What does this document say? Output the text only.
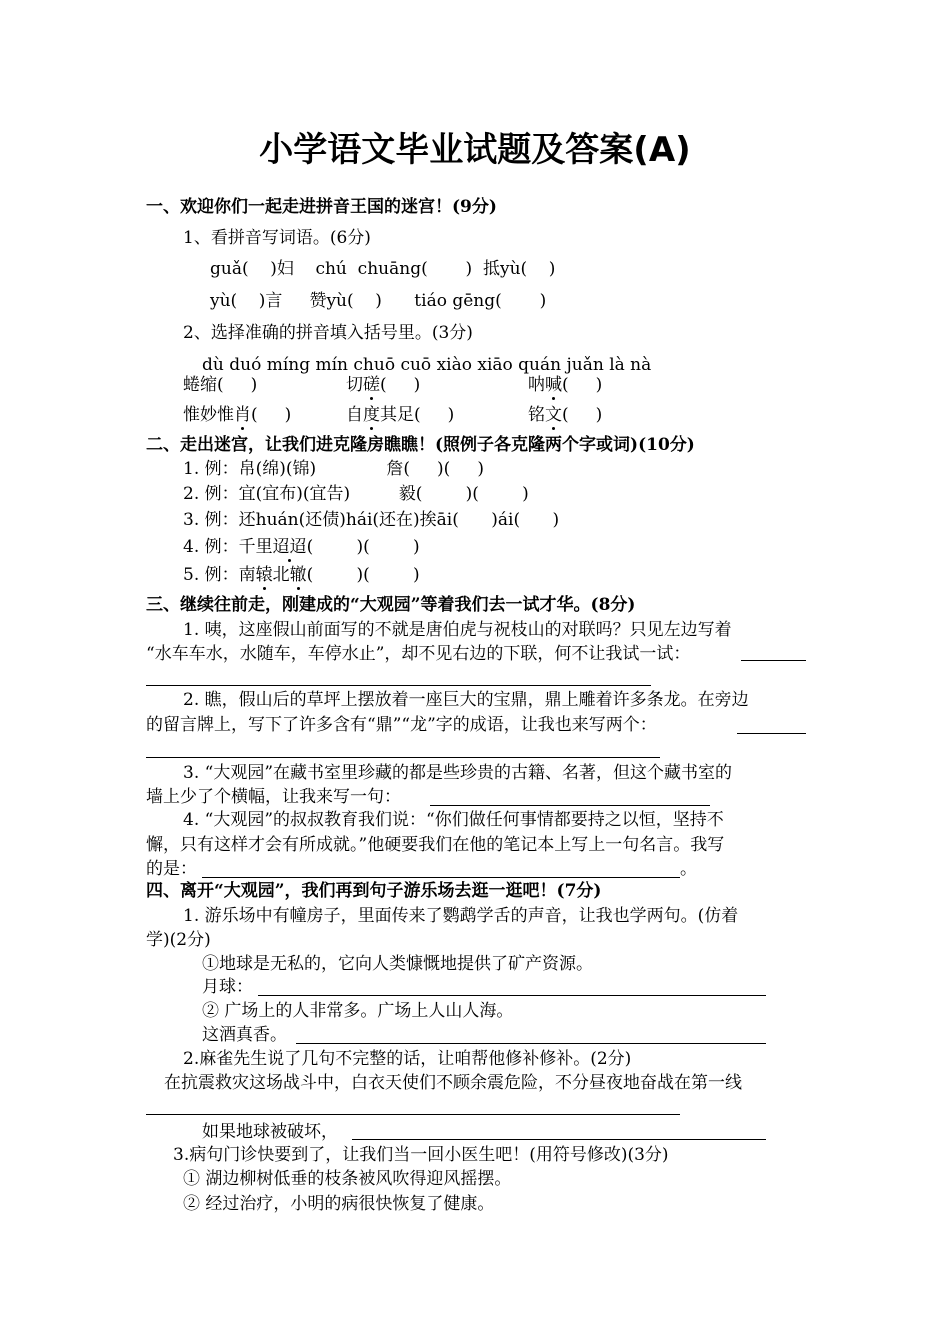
小学语文毕业试题及答案(A)
一、欢迎你们一起走进拼音王国的迷宫！(9分)
1、看拼音写词语。(6分)
guǎ(    )妇    chú  chuāng(       )  抵yù(    )
yù(    )言     赞yù(    )      tiáo gēng(       )
2、选择准确的拼音填入括号里。(3分)
dù duó míng mín chuō cuō xiào xiāo quán juǎn là nà
蜷缩(     )	切磋(     )	呐喊(     )
惟妙惟肖(     )	自度其足(     )	铭文(     )
二、走出迷宫，让我们进克隆房瞧瞧！(照例子各克隆两个字或词)(10分)
1. 例：帛(绵)(锦)             詹(     )(     )
2. 例：宜(宜布)(宜告)         毅(        )(        )
3. 例：还huán(还债)hái(还在)挨āi(      )ái(      )
4. 例：千里迢迢(        )(        )
5. 例：南辕北辙(        )(        )
三、继续往前走，刚建成的“大观园”等着我们去一试才华。(8分)
1. 咦，这座假山前面写的不就是唐伯虎与祝枝山的对联吗？只见左边写着
“水车车水，水随车，车停水止”，却不见右边的下联，何不让我试一试：
2. 瞧，假山后的草坪上摆放着一座巨大的宝鼎，鼎上雕着许多条龙。在旁边
的留言牌上，写下了许多含有“鼎”“龙”字的成语，让我也来写两个：
3. “大观园”在藏书室里珍藏的都是些珍贵的古籍、名著，但这个藏书室的
墙上少了个横幅，让我来写一句：
4. “大观园”的叔叔教育我们说：“你们做任何事情都要持之以恒，坚持不
懈，只有这样才会有所成就。”他硬要我们在他的笔记本上写上一句名言。我写
的是：	。
四、离开“大观园”，我们再到句子游乐场去逛一逛吧！(7分)
1. 游乐场中有幢房子，里面传来了鹦鹉学舌的声音，让我也学两句。(仿着
学)(2分)
①地球是无私的，它向人类慷慨地提供了矿产资源。
月球：
② 广场上的人非常多。广场上人山人海。
这酒真香。
2.麻雀先生说了几句不完整的话，让咱帮他修补修补。(2分)
在抗震救灾这场战斗中，白衣天使们不顾余震危险，不分昼夜地奋战在第一线
如果地球被破坏，
3.病句门诊快要到了，让我们当一回小医生吧！(用符号修改)(3分)
① 湖边柳树低垂的枝条被风吹得迎风摇摆。
② 经过治疗，小明的病很快恢复了健康。
